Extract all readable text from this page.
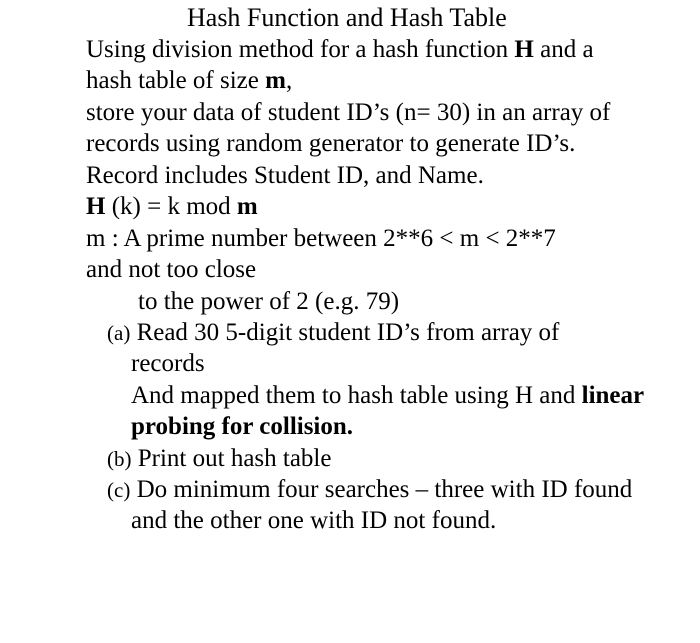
Hash Function and Hash Table
Using division method for a hash function H and a
hash table of size m,
store your data of student ID’s (n= 30) in an array of
records using random generator to generate ID’s.
Record includes Student ID, and Name.
H (k) = k mod m
m : A prime number between 2**6 < m < 2**7
and not too close
to the power of 2 (e.g. 79)
(a) Read 30 5-digit student ID’s from array of
records
And mapped them to hash table using H and linear
probing for collision.
(b) Print out hash table
(c) Do minimum four searches – three with ID found
and the other one with ID not found.
